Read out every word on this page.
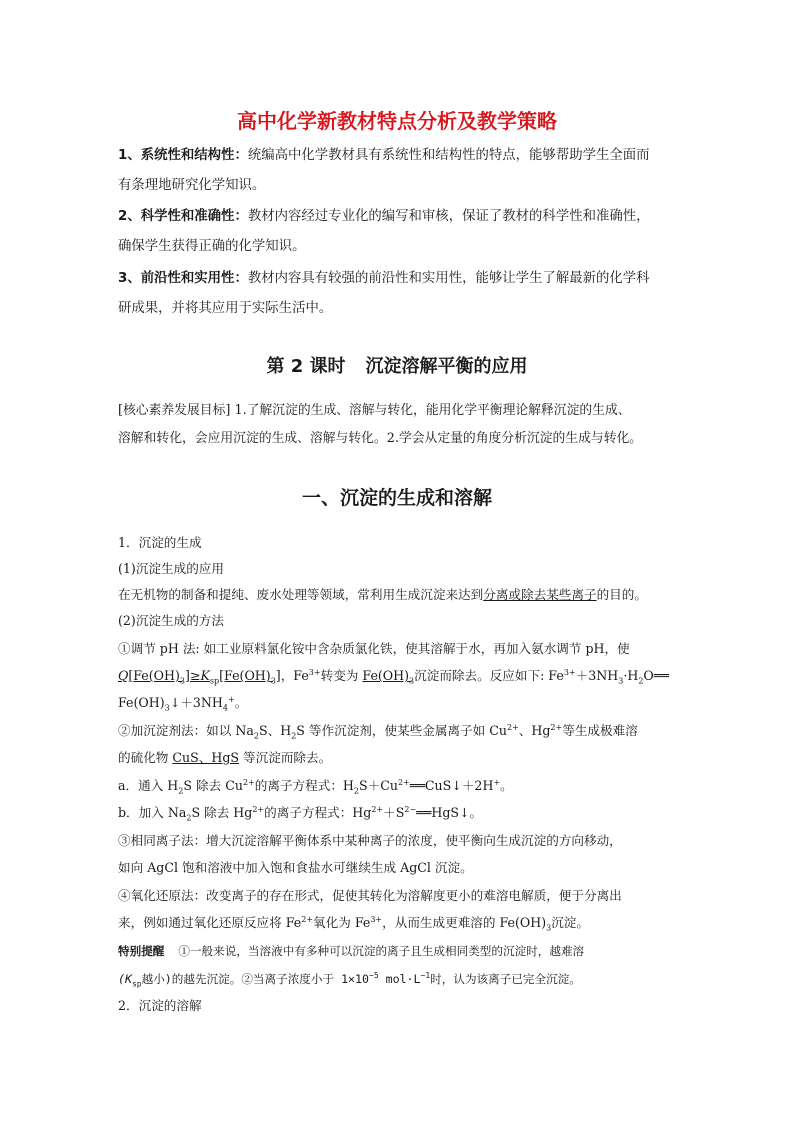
高中化学新教材特点分析及教学策略
1、系统性和结构性：统编高中化学教材具有系统性和结构性的特点，能够帮助学生全面而
有条理地研究化学知识。
2、科学性和准确性：教材内容经过专业化的编写和审核，保证了教材的科学性和准确性，
确保学生获得正确的化学知识。
3、前沿性和实用性：教材内容具有较强的前沿性和实用性，能够让学生了解最新的化学科
研成果，并将其应用于实际生活中。
第 2 课时 沉淀溶解平衡的应用
[核心素养发展目标] 1.了解沉淀的生成、溶解与转化，能用化学平衡理论解释沉淀的生成、
溶解和转化，会应用沉淀的生成、溶解与转化。2.学会从定量的角度分析沉淀的生成与转化。
一、沉淀的生成和溶解
1．沉淀的生成
(1)沉淀生成的应用
在无机物的制备和提纯、废水处理等领域，常利用生成沉淀来达到分离或除去某些离子的目的。
(2)沉淀生成的方法
①调节 pH 法: 如工业原料氯化铵中含杂质氯化铁，使其溶解于水，再加入氨水调节 pH，使
$Q[Fe(OH)_3]\ge K_{sp}[Fe(OH)_3]$，$Fe^{3+}$转变为 $Fe(OH)_3$沉淀而除去。反应如下: $Fe^{3+}+3NH_3\cdot H_2O══$
$Fe(OH)_3↓+3NH_4^+$。
②加沉淀剂法：如以 $Na_2S$、$H_2S$ 等作沉淀剂，使某些金属离子如 $Cu^{2+}$、$Hg^{2+}$等生成极难溶
的硫化物 CuS、HgS 等沉淀而除去。
a．通入 $H_2S$ 除去 $Cu^{2+}$的离子方程式：$H_2S+Cu^{2+}══CuS↓+2H^+$。
b．加入 $Na_2S$ 除去 $Hg^{2+}$的离子方程式：$Hg^{2+}+S^{2-}══HgS↓$。
③相同离子法：增大沉淀溶解平衡体系中某种离子的浓度，使平衡向生成沉淀的方向移动，
如向 AgCl 饱和溶液中加入饱和食盐水可继续生成 AgCl 沉淀。
④氧化还原法：改变离子的存在形式，促使其转化为溶解度更小的难溶电解质，便于分离出
来，例如通过氧化还原反应将 $Fe^{2+}$氧化为 $Fe^{3+}$，从而生成更难溶的 $Fe(OH)_3$沉淀。
特别提醒 ①一般来说，当溶液中有多种可以沉淀的离子且生成相同类型的沉淀时，越难溶
($K_{sp}$越小)的越先沉淀。②当离子浓度小于 $1\times 10^{-5}$ $mol\cdot L^{-1}$时，认为该离子已完全沉淀。
2．沉淀的溶解
